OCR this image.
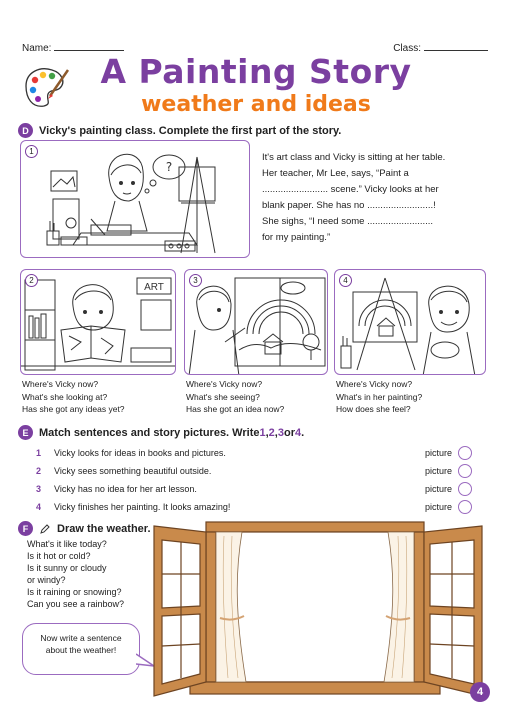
Name:	Class:
A Painting Story
weather and ideas
D Vicky's painting class. Complete the first part of the story.
1
?
It's art class and Vicky is sitting at her table.
Her teacher, Mr Lee, says, “Paint a
......................... scene.” Vicky looks at her
blank paper. She has no .........................!
She sighs, “I need some .........................
for my painting.”
2
ART
3	4
Where's Vicky now?
What's she looking at?
Has she got any ideas yet?
Where's Vicky now?
What's she seeing?
Has she got an idea now?
Where's Vicky now?
What's in her painting?
How does she feel?
E Match sentences and story pictures. Write 1 , 2 , 3 or 4 .
1	Vicky looks for ideas in books and pictures.	picture
2	Vicky sees something beautiful outside.	picture
3	Vicky has no idea for her art lesson.	picture
4	Vicky finishes her painting. It looks amazing!	picture
F	Draw the weather.
What's it like today?
Is it hot or cold?
Is it sunny or cloudy
or windy?
Is it raining or snowing?
Can you see a rainbow?
Now write a sentence
about the weather!
4
